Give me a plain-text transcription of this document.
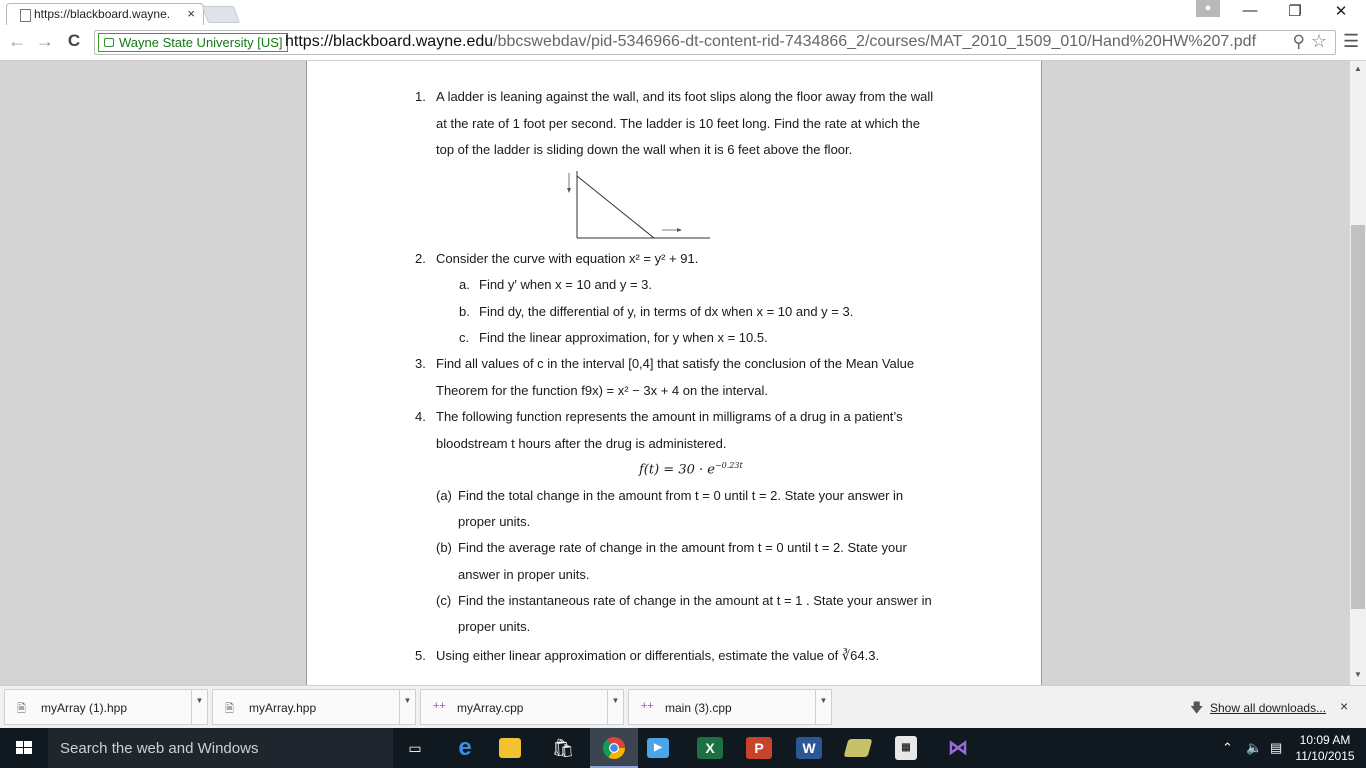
https://blackboard.wayne. ×	●	—	❐	✕
← → C	Wayne State University [US] https://blackboard.wayne.edu/bbcswebdav/pid-5346966-dt-content-rid-7434866_2/courses/MAT_2010_1509_010/Hand%20HW%207.pdf ⚲ ☆ ☰
1. A ladder is leaning against the wall, and its foot slips along the floor away from the wall
at the rate of 1 foot per second. The ladder is 10 feet long. Find the rate at which the
top of the ladder is sliding down the wall when it is 6 feet above the floor.
2. Consider the curve with equation x² = y² + 91.
a. Find y′ when x = 10 and y = 3.
b. Find dy, the differential of y, in terms of dx when x = 10 and y = 3.
c. Find the linear approximation, for y when x = 10.5.
3. Find all values of c in the interval [0,4] that satisfy the conclusion of the Mean Value
Theorem for the function f9x) = x² − 3x + 4 on the interval.
4. The following function represents the amount in milligrams of a drug in a patient’s
bloodstream t hours after the drug is administered.
$f(t) = 30 \cdot e^{-0.23t}$
(a) Find the total change in the amount from t = 0 until t = 2. State your answer in
proper units.
(b) Find the average rate of change in the amount from t = 0 until t = 2. State your
answer in proper units.
(c) Find the instantaneous rate of change in the amount at t = 1 . State your answer in
proper units.
5. Using either linear approximation or differentials, estimate the value of ∛64.3.
▲
▼
🗎 myArray (1).hpp
▼
🗎 myArray.hpp
▼	++ myArray.cpp
▼	++ main (3).cpp
▼	🡇 Show all downloads... ×
Search the web and Windows	▭	e	🛍	▶	X	P	W	▦	⋈	⌃ 🔈 ▤	10:09 AM
11/10/2015
